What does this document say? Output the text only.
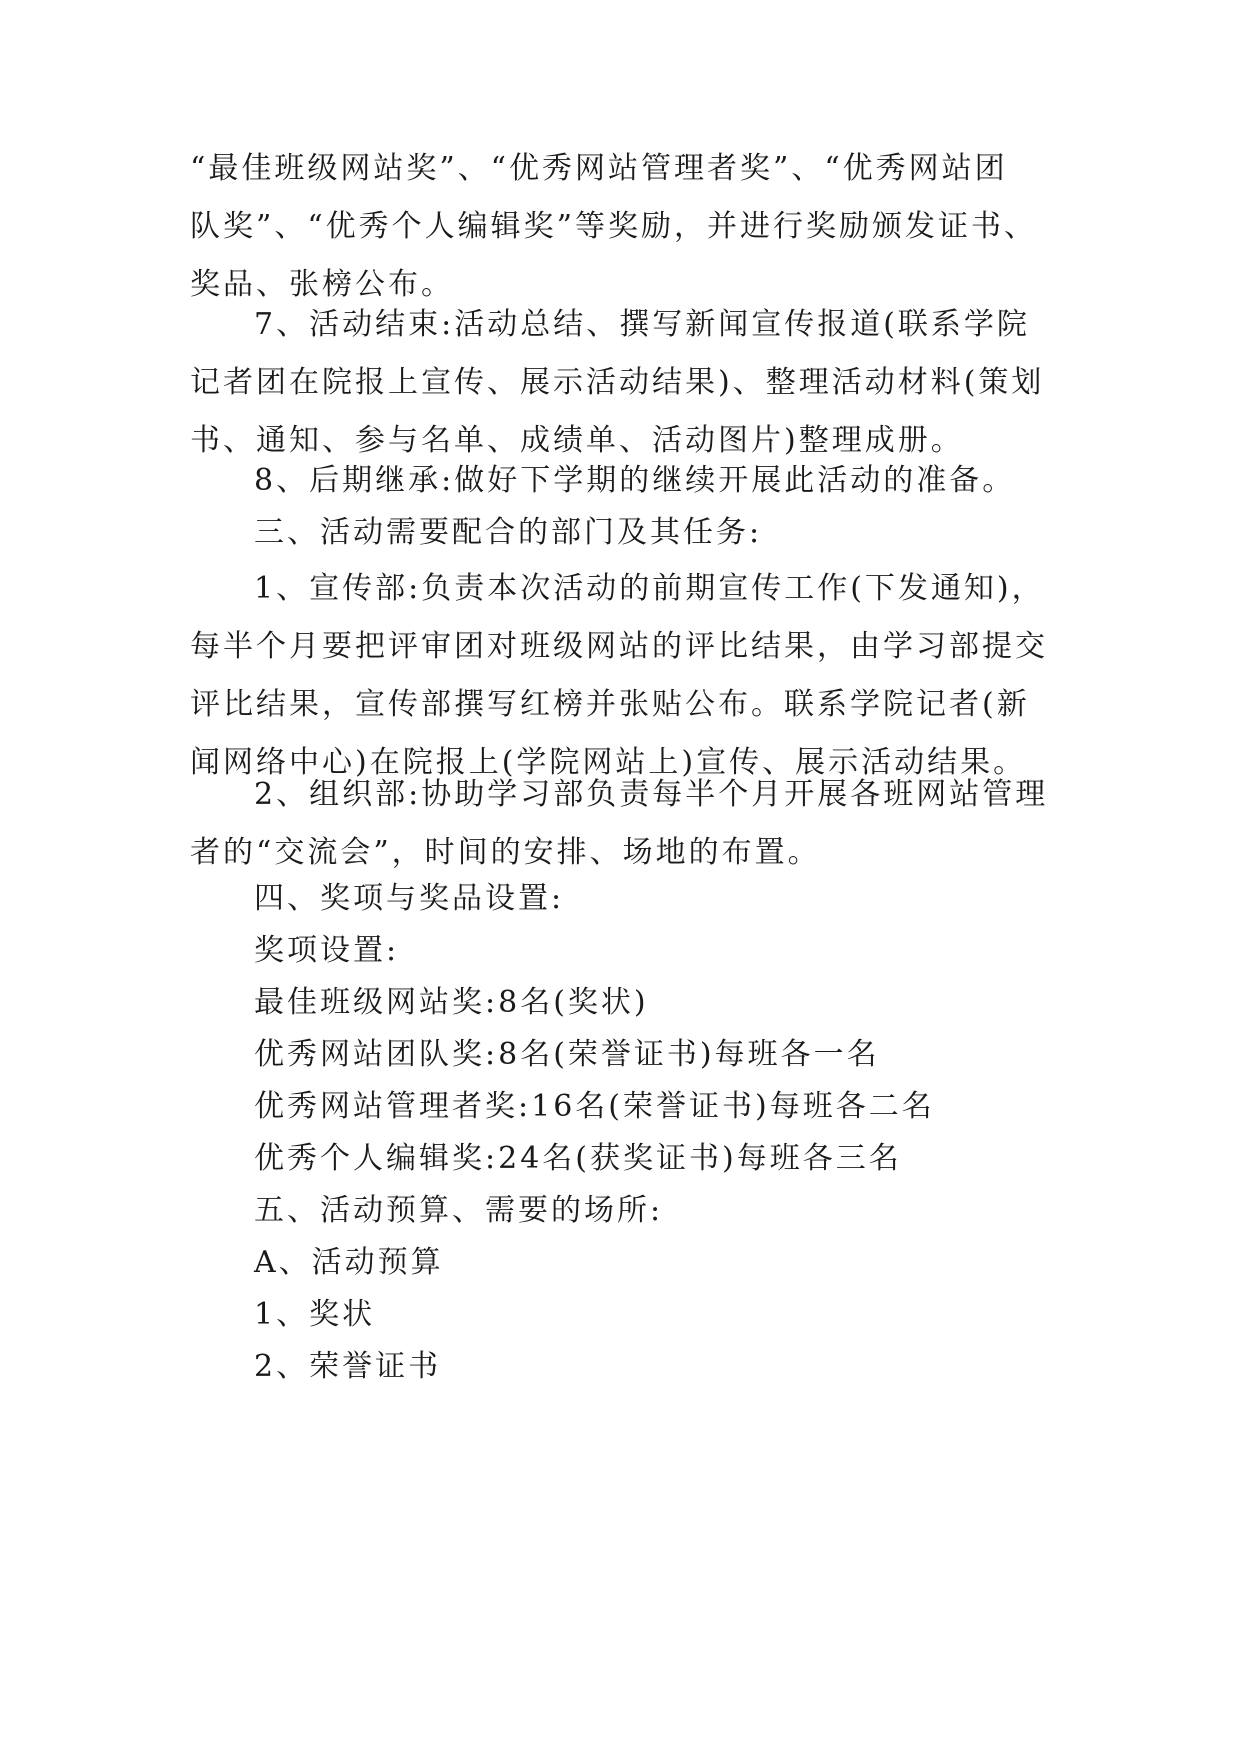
“最佳班级网站奖”、“优秀网站管理者奖”、“优秀网站团
队奖”、“优秀个人编辑奖”等奖励，并进行奖励颁发证书、
奖品、张榜公布。

7、活动结束:活动总结、撰写新闻宣传报道(联系学院
记者团在院报上宣传、展示活动结果)、整理活动材料(策划
书、通知、参与名单、成绩单、活动图片)整理成册。

8、后期继承:做好下学期的继续开展此活动的准备。

三、活动需要配合的部门及其任务:

1、宣传部:负责本次活动的前期宣传工作(下发通知)，
每半个月要把评审团对班级网站的评比结果，由学习部提交
评比结果，宣传部撰写红榜并张贴公布。联系学院记者(新
闻网络中心)在院报上(学院网站上)宣传、展示活动结果。

2、组织部:协助学习部负责每半个月开展各班网站管理
者的“交流会”，时间的安排、场地的布置。

四、奖项与奖品设置:

奖项设置:

最佳班级网站奖:8名(奖状)

优秀网站团队奖:8名(荣誉证书)每班各一名

优秀网站管理者奖:16名(荣誉证书)每班各二名

优秀个人编辑奖:24名(获奖证书)每班各三名

五、活动预算、需要的场所:

A、活动预算

1、奖状

2、荣誉证书
